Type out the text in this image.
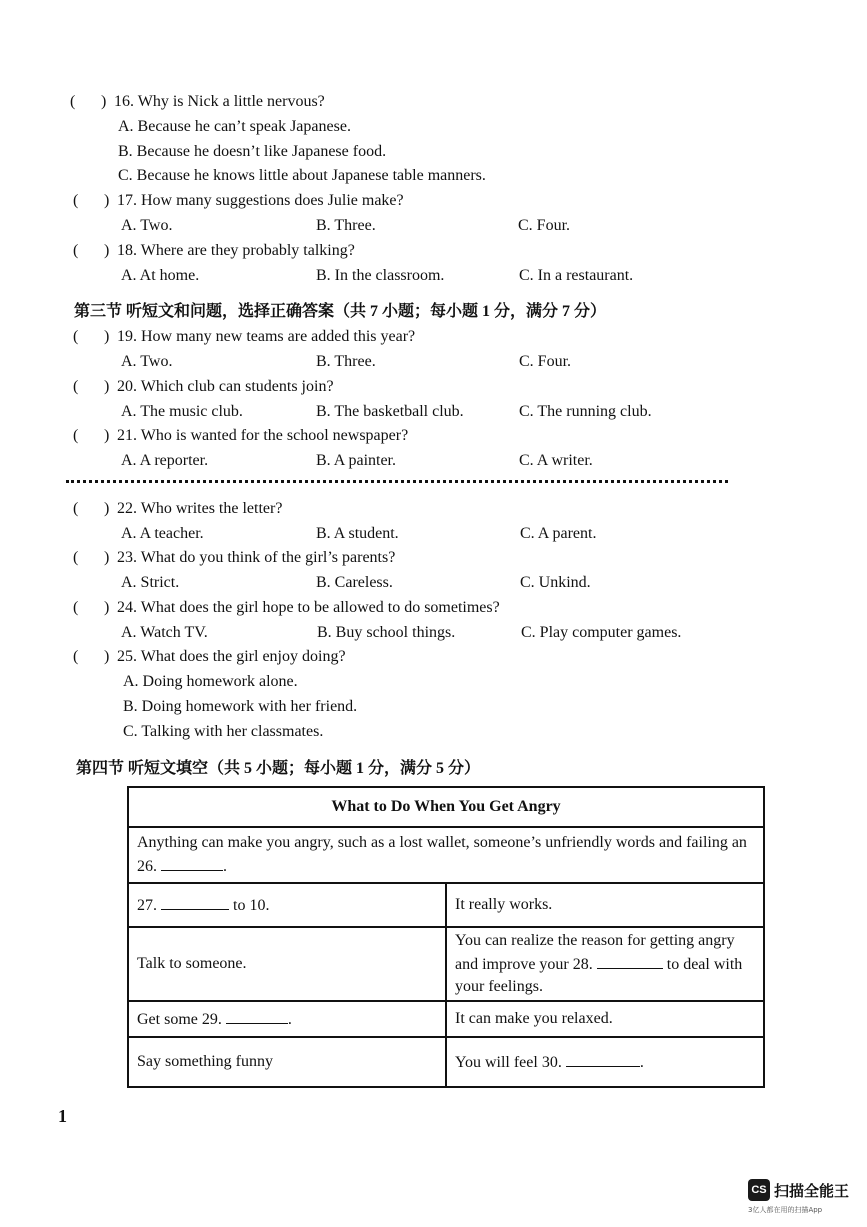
( ) 16. Why is Nick a little nervous?
A. Because he can’t speak Japanese.
B. Because he doesn’t like Japanese food.
C. Because he knows little about Japanese table manners.
( ) 17. How many suggestions does Julie make?
A. Two.	B. Three.	C. Four.
( ) 18. Where are they probably talking?
A. At home.	B. In the classroom.	C. In a restaurant.
第三节 听短文和问题，选择正确答案（共 7 小题；每小题 1 分，满分 7 分）
( ) 19. How many new teams are added this year?
A. Two.	B. Three.	C. Four.
( ) 20. Which club can students join?
A. The music club.	B. The basketball club.	C. The running club.
( ) 21. Who is wanted for the school newspaper?
A. A reporter.	B. A painter.	C. A writer.
( ) 22. Who writes the letter?
A. A teacher.	B. A student.	C. A parent.
( ) 23. What do you think of the girl’s parents?
A. Strict.	B. Careless.	C. Unkind.
( ) 24. What does the girl hope to be allowed to do sometimes?
A. Watch TV.	B. Buy school things.	C. Play computer games.
( ) 25. What does the girl enjoy doing?
A. Doing homework alone.
B. Doing homework with her friend.
C. Talking with her classmates.
第四节 听短文填空（共 5 小题；每小题 1 分，满分 5 分）
What to Do When You Get Angry	
Anything can make you angry, such as a lost wallet, someone’s unfriendly words and failing an 26. .	
27. to 10.	It really works.
Talk to someone.	You can realize the reason for getting angry and improve your 28. to deal with your feelings.
Get some 29. .	It can make you relaxed.
Say something funny	You will feel 30. .
1
CS 扫描全能王
3亿人都在用的扫描App
